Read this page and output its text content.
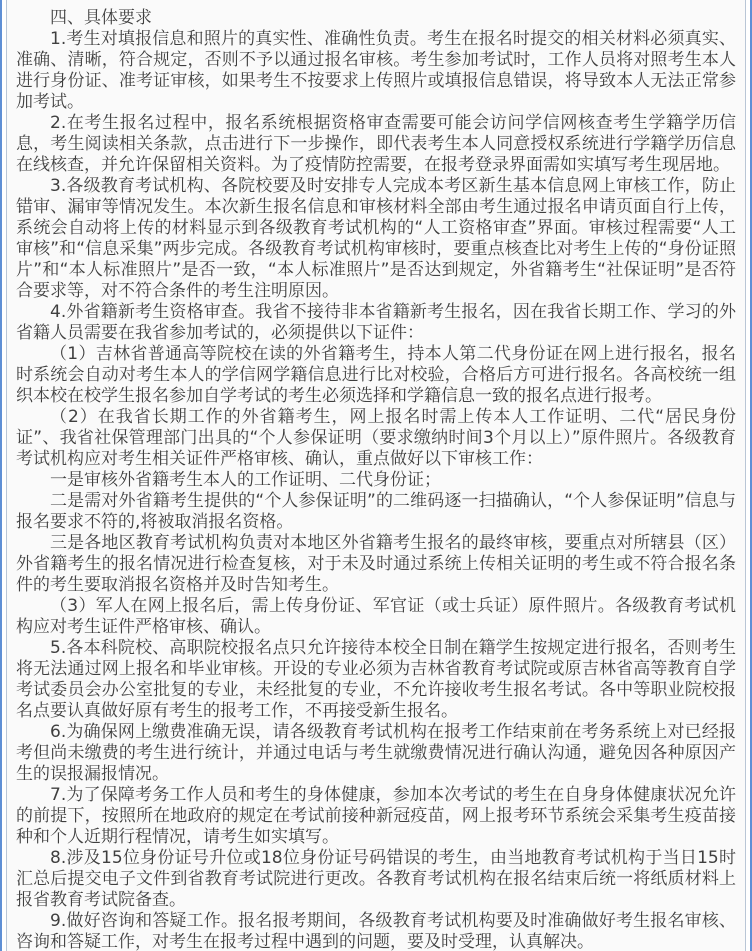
四、具体要求

1.考生对填报信息和照片的真实性、准确性负责。考生在报名时提交的相关材料必须真实、准确、清晰，符合规定，否则不予以通过报名审核。考生参加考试时，工作人员将对照考生本人进行身份证、准考证审核，如果考生不按要求上传照片或填报信息错误，将导致本人无法正常参加考试。

2.在考生报名过程中，报名系统根据资格审查需要可能会访问学信网核查考生学籍学历信息，考生阅读相关条款，点击进行下一步操作，即代表考生本人同意授权系统进行学籍学历信息在线核查，并允许保留相关资料。为了疫情防控需要，在报考登录界面需如实填写考生现居地。

3.各级教育考试机构、各院校要及时安排专人完成本考区新生基本信息网上审核工作，防止错审、漏审等情况发生。本次新生报名信息和审核材料全部由考生通过报名申请页面自行上传，系统会自动将上传的材料显示到各级教育考试机构的“人工资格审查”界面。审核过程需要“人工审核”和“信息采集”两步完成。各级教育考试机构审核时，要重点核查比对考生上传的“身份证照片”和“本人标准照片”是否一致，“本人标准照片”是否达到规定，外省籍考生“社保证明”是否符合要求等，对不符合条件的考生注明原因。

4.外省籍新考生资格审查。我省不接待非本省籍新考生报名，因在我省长期工作、学习的外省籍人员需要在我省参加考试的，必须提供以下证件：

（1）吉林省普通高等院校在读的外省籍考生，持本人第二代身份证在网上进行报名，报名时系统会自动对考生本人的学信网学籍信息进行比对校验，合格后方可进行报名。各高校统一组织本校在校学生报名参加自学考试的考生必须选择和学籍信息一致的报名点进行报考。

（2）在我省长期工作的外省籍考生，网上报名时需上传本人工作证明、二代“居民身份证”、我省社保管理部门出具的“个人参保证明（要求缴纳时间3个月以上）”原件照片。各级教育考试机构应对考生相关证件严格审核、确认，重点做好以下审核工作：

一是审核外省籍考生本人的工作证明、二代身份证；

二是需对外省籍考生提供的“个人参保证明”的二维码逐一扫描确认，“个人参保证明”信息与报名要求不符的,将被取消报名资格。

三是各地区教育考试机构负责对本地区外省籍考生报名的最终审核，要重点对所辖县（区）外省籍考生的报名情况进行检查复核，对于未及时通过系统上传相关证明的考生或不符合报名条件的考生要取消报名资格并及时告知考生。

（3）军人在网上报名后，需上传身份证、军官证（或士兵证）原件照片。各级教育考试机构应对考生证件严格审核、确认。

5.各本科院校、高职院校报名点只允许接待本校全日制在籍学生按规定进行报名，否则考生将无法通过网上报名和毕业审核。开设的专业必须为吉林省教育考试院或原吉林省高等教育自学考试委员会办公室批复的专业，未经批复的专业，不允许接收考生报名考试。各中等职业院校报名点要认真做好原有考生的报考工作，不再接受新生报名。

6.为确保网上缴费准确无误，请各级教育考试机构在报考工作结束前在考务系统上对已经报考但尚未缴费的考生进行统计，并通过电话与考生就缴费情况进行确认沟通，避免因各种原因产生的误报漏报情况。

7.为了保障考务工作人员和考生的身体健康，参加本次考试的考生在自身身体健康状况允许的前提下，按照所在地政府的规定在考试前接种新冠疫苗，网上报考环节系统会采集考生疫苗接种和个人近期行程情况，请考生如实填写。

8.涉及15位身份证号升位或18位身份证号码错误的考生，由当地教育考试机构于当日15时汇总后提交电子文件到省教育考试院进行更改。各教育考试机构在报名结束后统一将纸质材料上报省教育考试院备查。

9.做好咨询和答疑工作。报名报考期间，各级教育考试机构要及时准确做好考生报名审核、咨询和答疑工作，对考生在报考过程中遇到的问题，要及时受理，认真解决。
